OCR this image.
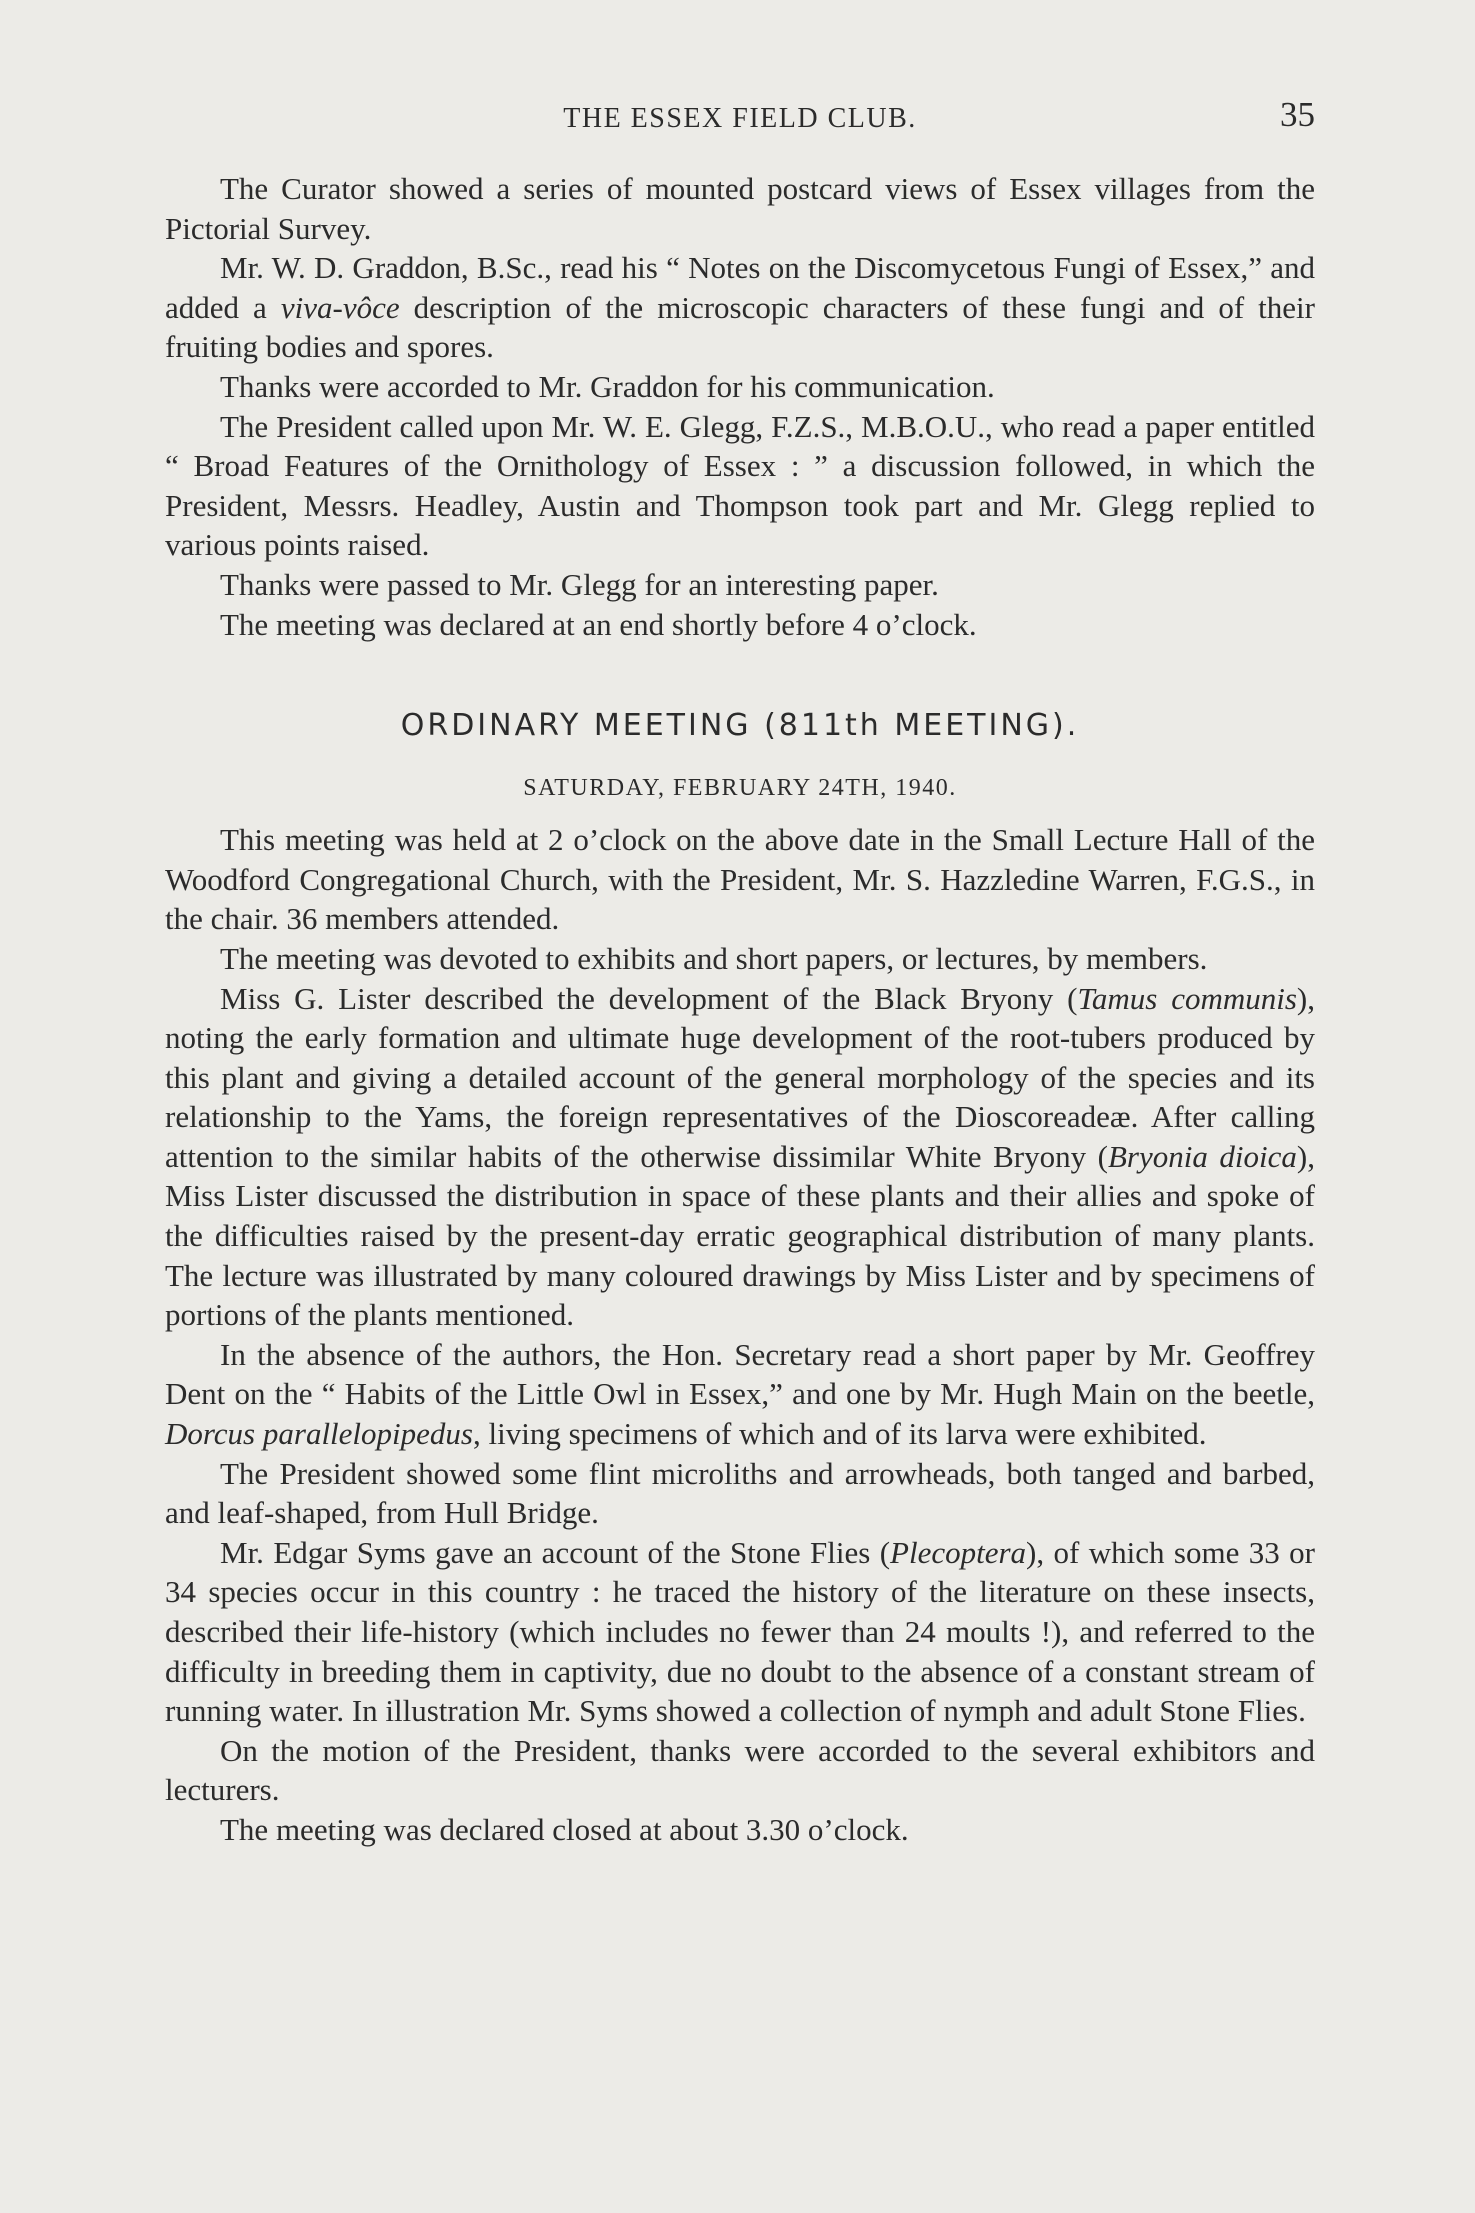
THE ESSEX FIELD CLUB.	35

The Curator showed a series of mounted postcard views of Essex villages from the Pictorial Survey.

Mr. W. D. Graddon, B.Sc., read his “ Notes on the Discomycetous Fungi of Essex,” and added a viva-vôce description of the microscopic characters of these fungi and of their fruiting bodies and spores.

Thanks were accorded to Mr. Graddon for his communication.

The President called upon Mr. W. E. Glegg, F.Z.S., M.B.O.U., who read a paper entitled “ Broad Features of the Ornithology of Essex : ” a discussion followed, in which the President, Messrs. Headley, Austin and Thompson took part and Mr. Glegg replied to various points raised.

Thanks were passed to Mr. Glegg for an interesting paper.

The meeting was declared at an end shortly before 4 o’clock.

ORDINARY MEETING (811th MEETING).
SATURDAY, FEBRUARY 24TH, 1940.

This meeting was held at 2 o’clock on the above date in the Small Lecture Hall of the Woodford Congregational Church, with the President, Mr. S. Hazzledine Warren, F.G.S., in the chair. 36 members attended.

The meeting was devoted to exhibits and short papers, or lectures, by members.

Miss G. Lister described the development of the Black Bryony (Tamus communis), noting the early formation and ultimate huge development of the root-tubers produced by this plant and giving a detailed account of the general morphology of the species and its relationship to the Yams, the foreign representatives of the Dioscoreadeæ. After calling attention to the similar habits of the otherwise dissimilar White Bryony (Bryonia dioica), Miss Lister discussed the distribution in space of these plants and their allies and spoke of the difficulties raised by the present-day erratic geographical distribution of many plants. The lecture was illustrated by many coloured drawings by Miss Lister and by specimens of portions of the plants mentioned.

In the absence of the authors, the Hon. Secretary read a short paper by Mr. Geoffrey Dent on the “ Habits of the Little Owl in Essex,” and one by Mr. Hugh Main on the beetle, Dorcus parallelopipedus, living specimens of which and of its larva were exhibited.

The President showed some flint microliths and arrowheads, both tanged and barbed, and leaf-shaped, from Hull Bridge.

Mr. Edgar Syms gave an account of the Stone Flies (Plecoptera), of which some 33 or 34 species occur in this country : he traced the history of the literature on these insects, described their life-history (which includes no fewer than 24 moults !), and referred to the difficulty in breeding them in captivity, due no doubt to the absence of a constant stream of running water. In illustration Mr. Syms showed a collection of nymph and adult Stone Flies.

On the motion of the President, thanks were accorded to the several exhibitors and lecturers.

The meeting was declared closed at about 3.30 o’clock.
